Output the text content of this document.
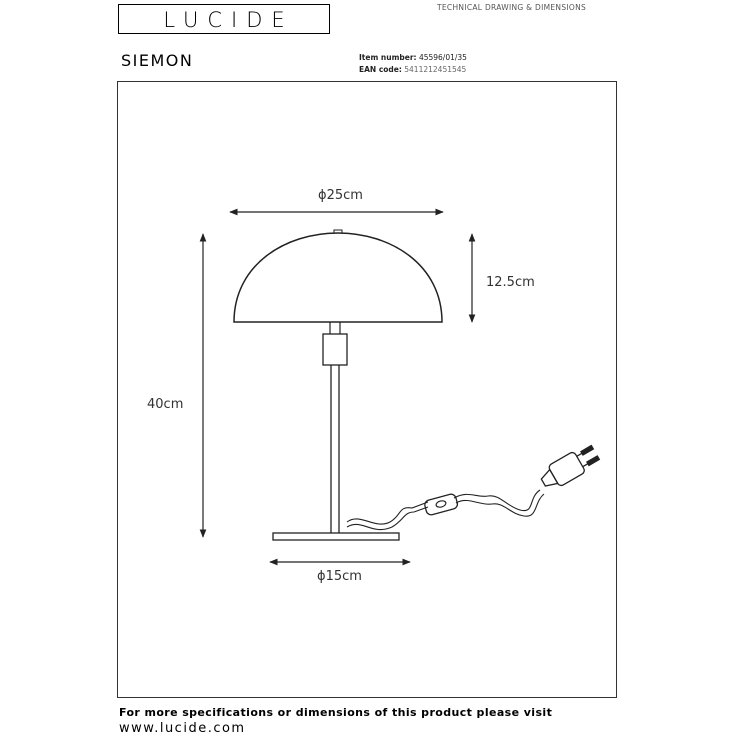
LUCIDE
TECHNICAL DRAWING & DIMENSIONS
SIEMON	Item number: 45596/01/35
EAN code: 5411212451545
ϕ25cm
12.5cm
40cm
ϕ15cm
For more specifications or dimensions of this product please visit
www.lucide.com
